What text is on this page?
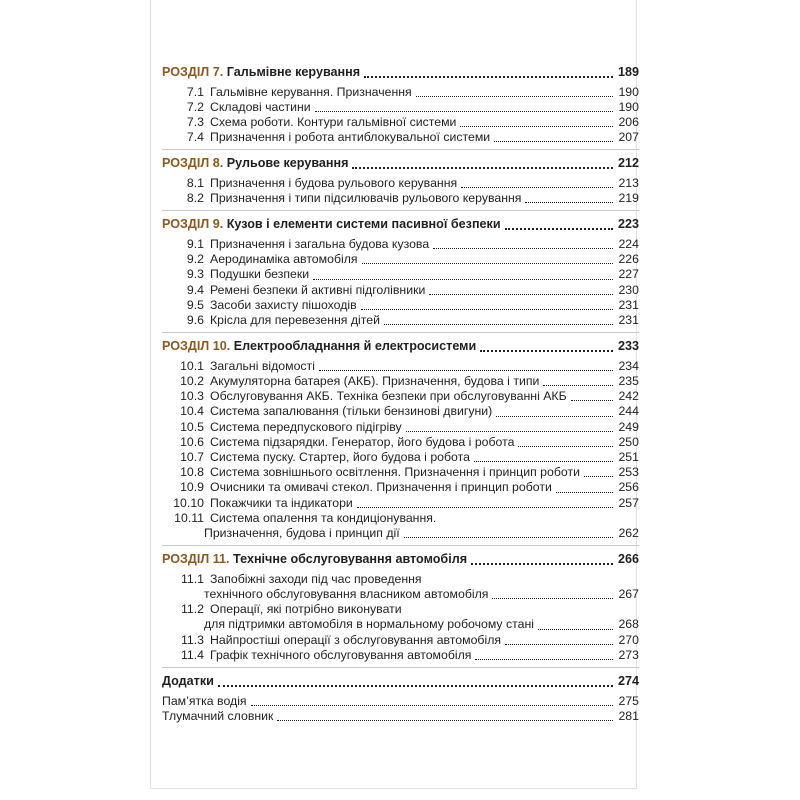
РОЗДІЛ 7. Гальмівне керування	189
7.1 Гальмівне керування. Призначення	190
7.2 Складові частини	190
7.3 Схема роботи. Контури гальмівної системи	206
7.4 Призначення і робота антиблокувальної системи	207
РОЗДІЛ 8. Рульове керування	212
8.1 Призначення і будова рульового керування	213
8.2 Призначення і типи підсилювачів рульового керування	219
РОЗДІЛ 9. Кузов і елементи системи пасивної безпеки	223
9.1 Призначення і загальна будова кузова	224
9.2 Аеродинаміка автомобіля	226
9.3 Подушки безпеки	227
9.4 Ремені безпеки й активні підголівники	230
9.5 Засоби захисту пішоходів	231
9.6 Крісла для перевезення дітей	231
РОЗДІЛ 10. Електрообладнання й електросистеми	233
10.1 Загальні відомості	234
10.2 Акумуляторна батарея (АКБ). Призначення, будова і типи	235
10.3 Обслуговування АКБ. Техніка безпеки при обслуговуванні АКБ	242
10.4 Система запалювання (тільки бензинові двигуни)	244
10.5 Система передпускового підігріву	249
10.6 Система підзарядки. Генератор, його будова і робота	250
10.7 Система пуску. Стартер, його будова і робота	251
10.8 Система зовнішнього освітлення. Призначення і принцип роботи	253
10.9 Очисники та омивачі стекол. Призначення і принцип роботи	256
10.10 Покажчики та індикатори	257
10.11 Система опалення та кондиціонування.
Призначення, будова і принцип дії	262
РОЗДІЛ 11. Технічне обслуговування автомобіля	266
11.1 Запобіжні заходи під час проведення
технічного обслуговування власником автомобіля	267
11.2 Операції, які потрібно виконувати
для підтримки автомобіля в нормальному робочому стані	268
11.3 Найпростіші операції з обслуговування автомобіля	270
11.4 Графік технічного обслуговування автомобіля	273
Додатки	274
Пам’ятка водія	275
Тлумачний словник	281
